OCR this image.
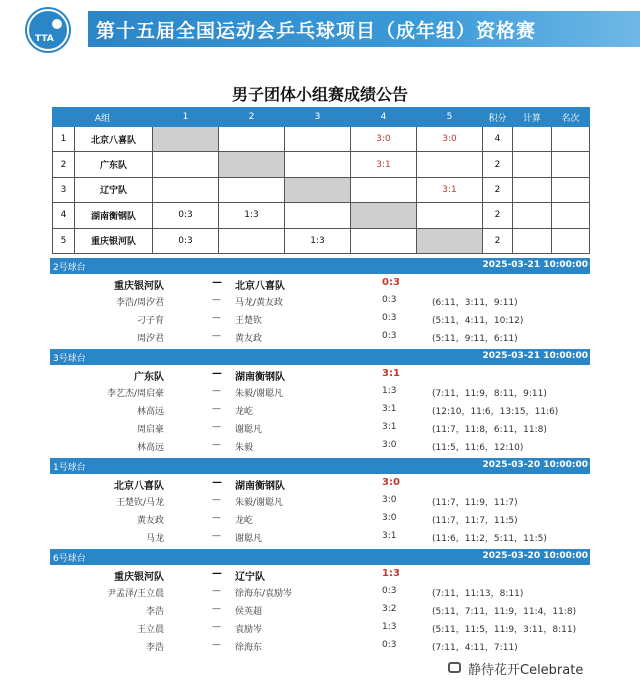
TTA 第十五届全国运动会乒乓球项目（成年组）资格赛
男子团体小组赛成绩公告
A组		1	2	3	4	5	积分	计算	名次
1	北京八喜队				3:0	3:0	4		
2	广东队				3:1		2		
3	辽宁队					3:1	2		
4	湖南衡钢队	0:3	1:3				2		
5	重庆银河队	0:3		1:3			2		
2号球台	2025-03-21 10:00:00
重庆银河队	— 北京八喜队	0:3
李浩/周汐君	— 马龙/黄友政	0:3	(6:11，3:11，9:11)
刁子育	— 王楚钦	0:3	(5:11，4:11，10:12)
周汐君	— 黄友政	0:3	(5:11，9:11，6:11)
3号球台	2025-03-21 10:00:00
广东队	— 湖南衡钢队	3:1
李艺杰/周启豪	— 朱毅/谢聪凡	1:3	(7:11，11:9，8:11，9:11)
林高远	— 龙屹	3:1	(12:10，11:6，13:15，11:6)
周启豪	— 谢聪凡	3:1	(11:7，11:8，6:11，11:8)
林高远	— 朱毅	3:0	(11:5，11:6，12:10)
1号球台	2025-03-20 10:00:00
北京八喜队	— 湖南衡钢队	3:0
王楚钦/马龙	— 朱毅/谢聪凡	3:0	(11:7，11:9，11:7)
黄友政	— 龙屹	3:0	(11:7，11:7，11:5)
马龙	— 谢聪凡	3:1	(11:6，11:2，5:11，11:5)
6号球台	2025-03-20 10:00:00
重庆银河队	— 辽宁队	1:3
尹孟泽/王立晨	— 徐海东/袁励岑	0:3	(7:11，11:13，8:11)
李浩	— 侯英超	3:2	(5:11，7:11，11:9，11:4，11:8)
王立晨	— 袁励岑	1:3	(5:11，11:5，11:9，3:11，8:11)
李浩	— 徐海东	0:3	(7:11，4:11，7:11)
静待花开Celebrate
